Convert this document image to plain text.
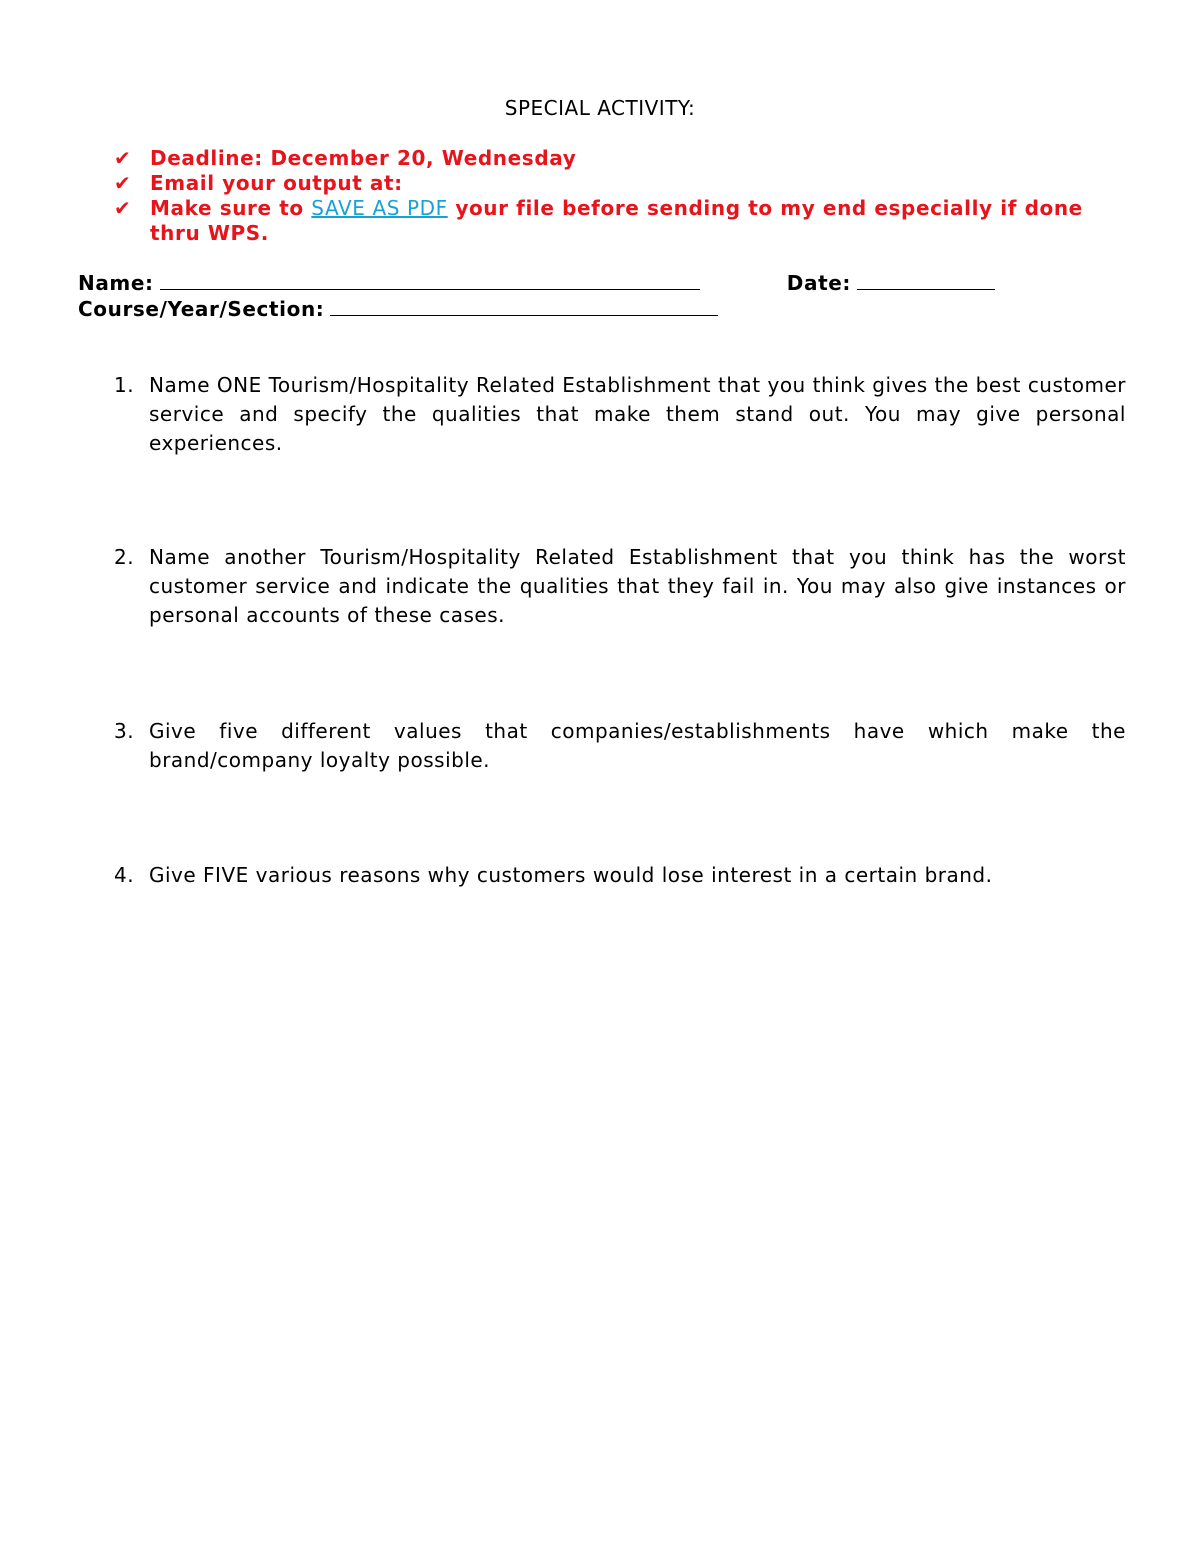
SPECIAL ACTIVITY:
✔ Deadline: December 20, Wednesday
✔ Email your output at:
✔ Make sure to SAVE AS PDF your file before sending to my end especially if done thru WPS.
Name:	Date:
Course/Year/Section:
1. Name ONE Tourism/Hospitality Related Establishment that you think gives the best customer service and specify the qualities that make them stand out. You may give personal experiences.
2. Name another Tourism/Hospitality Related Establishment that you think has the worst customer service and indicate the qualities that they fail in. You may also give instances or personal accounts of these cases.
3. Give five different values that companies/establishments have which make the brand/company loyalty possible.
4. Give FIVE various reasons why customers would lose interest in a certain brand.
